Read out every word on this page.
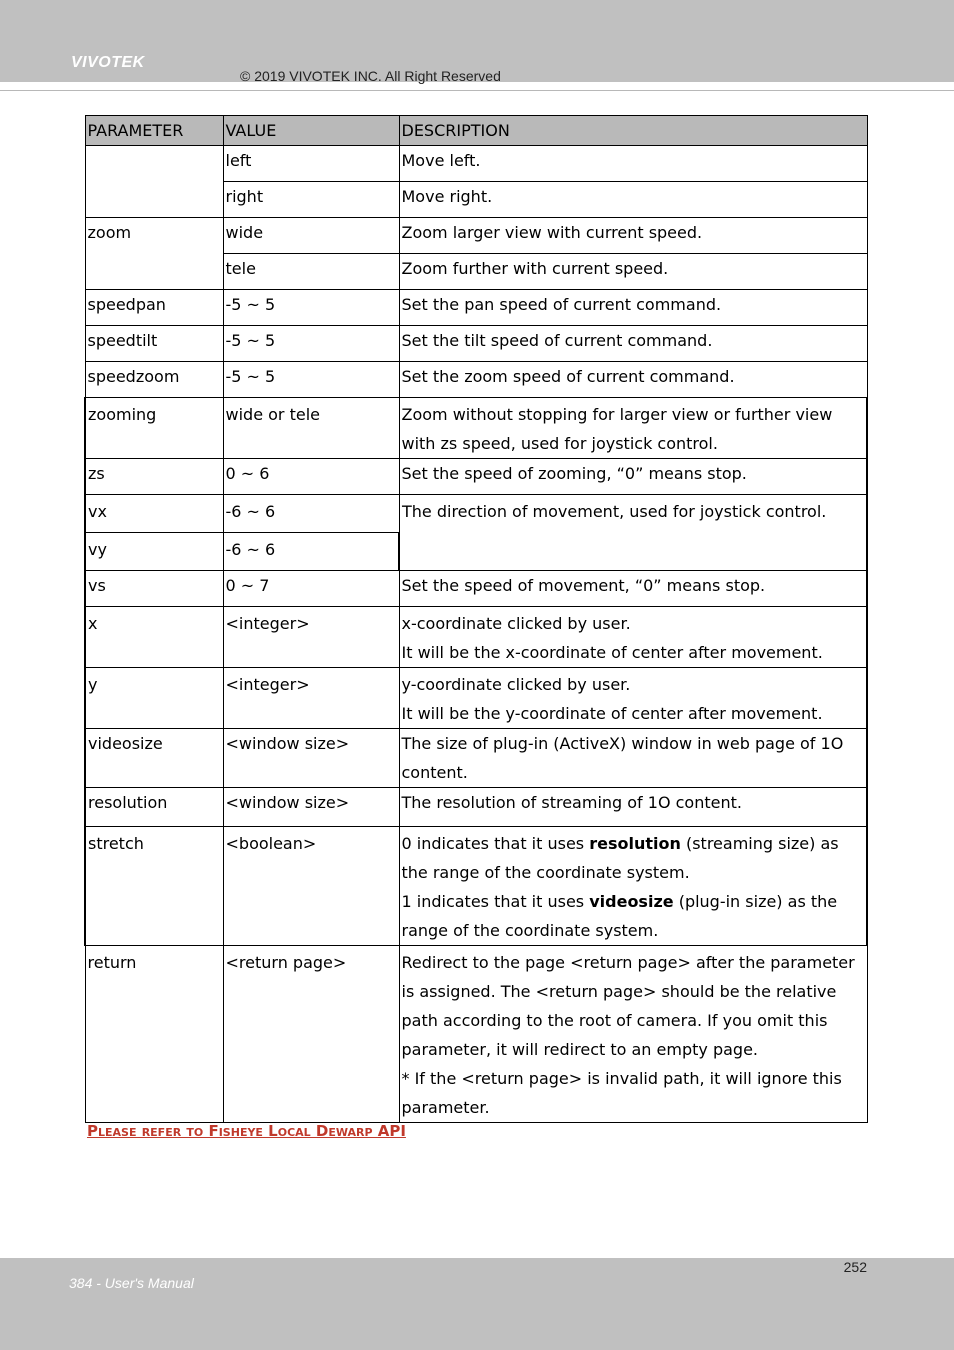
VIVOTEK
© 2019 VIVOTEK INC. All Right Reserved
PARAMETER	VALUE	DESCRIPTION
	left	Move left.
	right	Move right.
zoom	wide	Zoom larger view with current speed.
	tele	Zoom further with current speed.
speedpan	-5 ~ 5	Set the pan speed of current command.
speedtilt	-5 ~ 5	Set the tilt speed of current command.
speedzoom	-5 ~ 5	Set the zoom speed of current command.
zooming	wide or tele	Zoom without stopping for larger view or further view with zs speed, used for joystick control.
zs	0 ~ 6	Set the speed of zooming, “0” means stop.
vx	-6 ~ 6	The direction of movement, used for joystick control.
vy	-6 ~ 6	
vs	0 ~ 7	Set the speed of movement, “0” means stop.
x	<integer>	x-coordinate clicked by user.
It will be the x-coordinate of center after movement.

y	<integer>	y-coordinate clicked by user.
It will be the y-coordinate of center after movement.

videosize	<window size>	The size of plug-in (ActiveX) window in web page of 1O content.
resolution	<window size>	The resolution of streaming of 1O content.
stretch	<boolean>	0 indicates that it uses resolution (streaming size) as the range of the coordinate system.
1 indicates that it uses videosize (plug-in size) as the range of the coordinate system.

return	<return page>	Redirect to the page <return page> after the parameter is assigned. The <return page> should be the relative path according to the root of camera. If you omit this parameter, it will redirect to an empty page.
* If the <return page> is invalid path, it will ignore this parameter.
Please refer to Fisheye Local Dewarp API
252
384 - User's Manual
